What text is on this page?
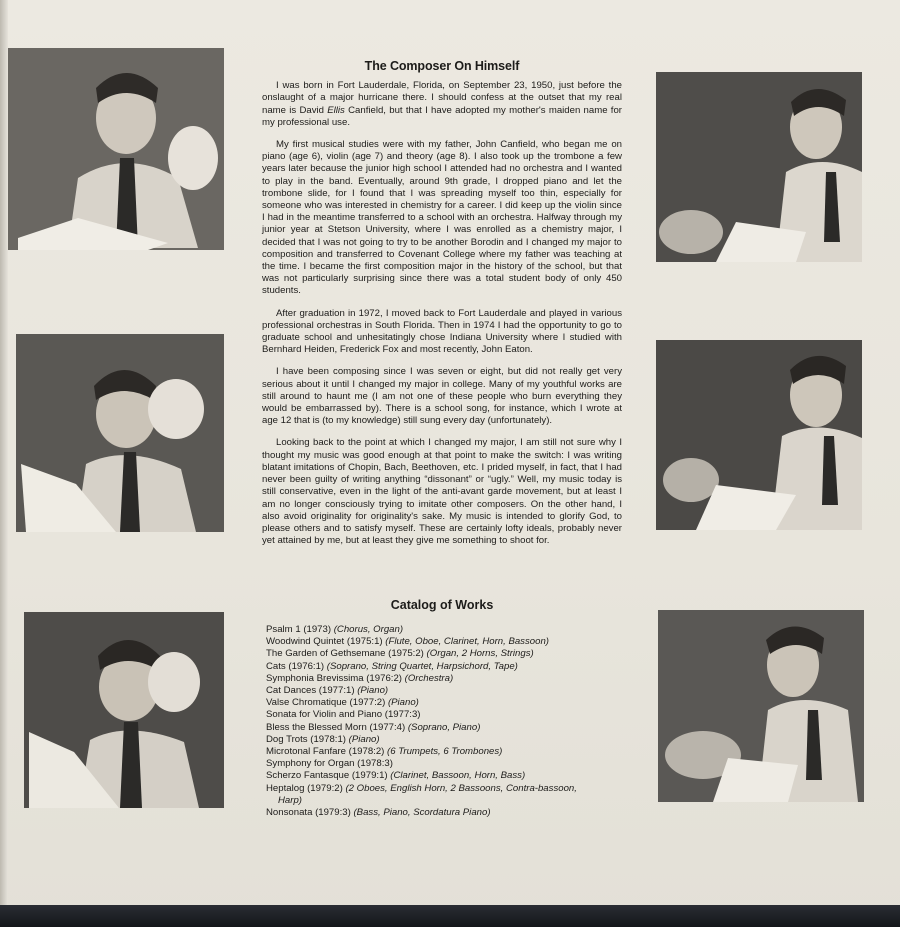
The Composer On Himself

I was born in Fort Lauderdale, Florida, on September 23, 1950, just before the onslaught of a major hurricane there. I should confess at the outset that my real name is David Ellis Canfield, but that I have adopted my mother's maiden name for my professional use.

My first musical studies were with my father, John Canfield, who began me on piano (age 6), violin (age 7) and theory (age 8). I also took up the trombone a few years later because the junior high school I attended had no orchestra and I wanted to play in the band. Eventually, around 9th grade, I dropped piano and let the trombone slide, for I found that I was spreading myself too thin, especially for someone who was interested in chemistry for a career. I did keep up the violin since I had in the meantime transferred to a school with an orchestra. Halfway through my junior year at Stetson University, where I was enrolled as a chemistry major, I decided that I was not going to try to be another Borodin and I changed my major to composition and transferred to Covenant College where my father was teaching at the time. I became the first composition major in the history of the school, but that was not particularly surprising since there was a total student body of only 450 students.

After graduation in 1972, I moved back to Fort Lauderdale and played in various professional orchestras in South Florida. Then in 1974 I had the opportunity to go to graduate school and unhesitatingly chose Indiana University where I studied with Bernhard Heiden, Frederick Fox and most recently, John Eaton.

I have been composing since I was seven or eight, but did not really get very serious about it until I changed my major in college. Many of my youthful works are still around to haunt me (I am not one of these people who burn everything they would be embarrassed by). There is a school song, for instance, which I wrote at age 12 that is (to my knowledge) still sung every day (unfortunately).

Looking back to the point at which I changed my major, I am still not sure why I thought my music was good enough at that point to make the switch: I was writing blatant imitations of Chopin, Bach, Beethoven, etc. I prided myself, in fact, that I had never been guilty of writing anything “dissonant” or “ugly.” Well, my music today is still conservative, even in the light of the anti-avant garde movement, but at least I am no longer consciously trying to imitate other composers. On the other hand, I also avoid originality for originality's sake. My music is intended to glorify God, to please others and to satisfy myself. These are certainly lofty ideals, probably never yet attained by me, but at least they give me something to shoot for.

Catalog of Works
Psalm 1 (1973) (Chorus, Organ)
Woodwind Quintet (1975:1) (Flute, Oboe, Clarinet, Horn, Bassoon)
The Garden of Gethsemane (1975:2) (Organ, 2 Horns, Strings)
Cats (1976:1) (Soprano, String Quartet, Harpsichord, Tape)
Symphonia Brevissima (1976:2) (Orchestra)
Cat Dances (1977:1) (Piano)
Valse Chromatique (1977:2) (Piano)
Sonata for Violin and Piano (1977:3)
Bless the Blessed Morn (1977:4) (Soprano, Piano)
Dog Trots (1978:1) (Piano)
Microtonal Fanfare (1978:2) (6 Trumpets, 6 Trombones)
Symphony for Organ (1978:3)
Scherzo Fantasque (1979:1) (Clarinet, Bassoon, Horn, Bass)
Heptalog (1979:2) (2 Oboes, English Horn, 2 Bassoons, Contra-bassoon,
Harp)
Nonsonata (1979:3) (Bass, Piano, Scordatura Piano)
